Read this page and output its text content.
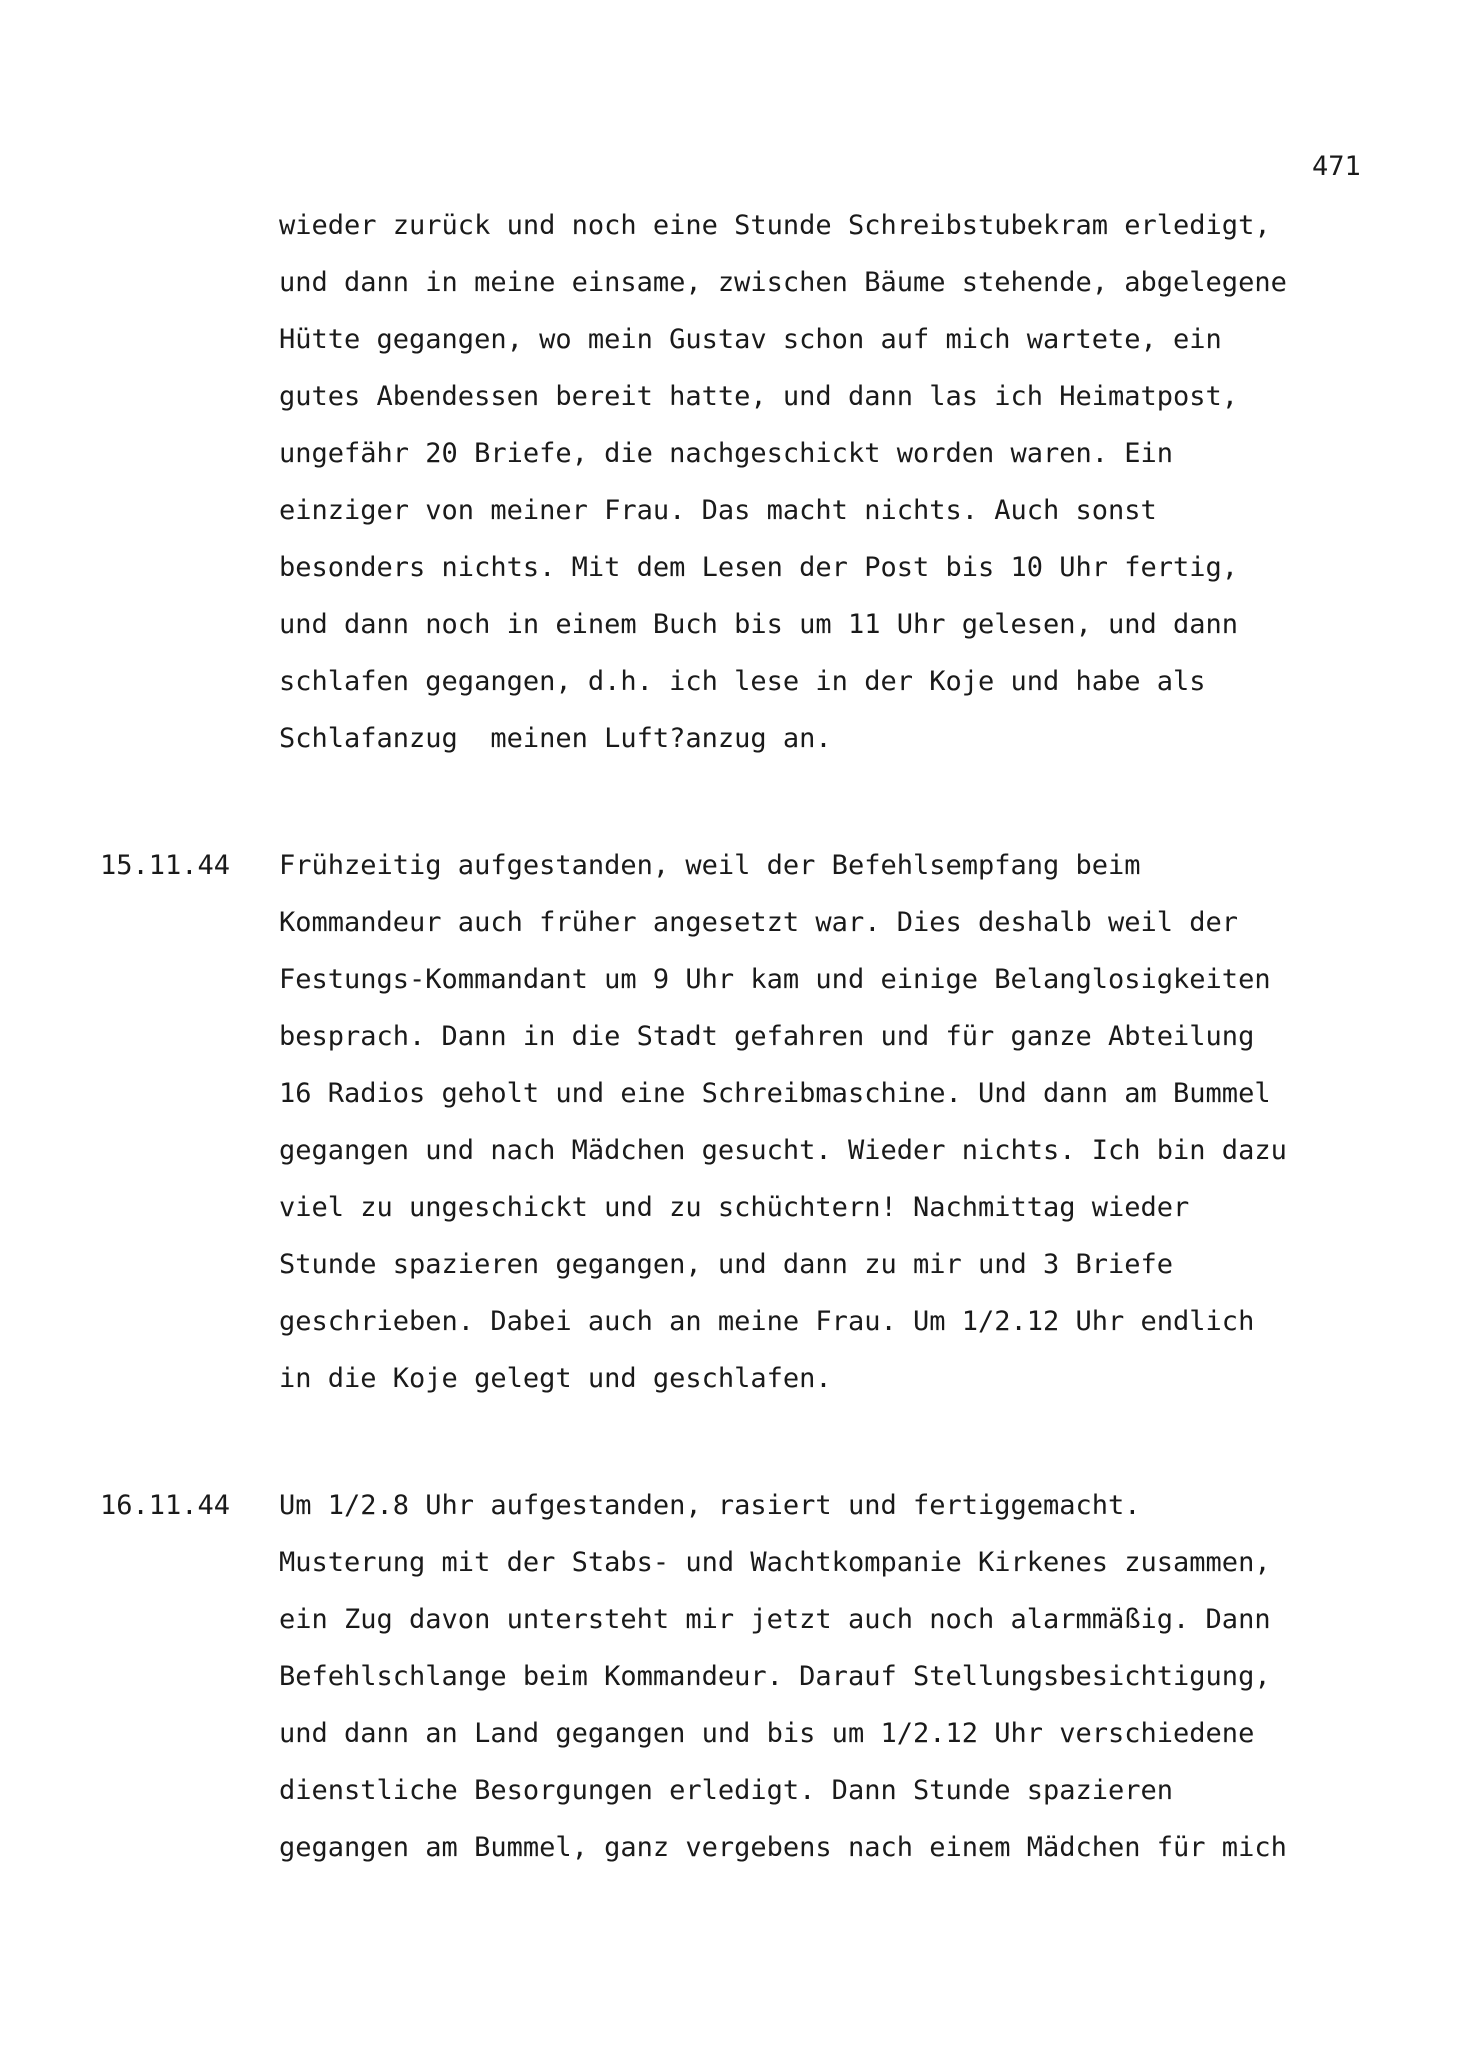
471
wieder zurück und noch eine Stunde Schreibstubekram erledigt,
und dann in meine einsame, zwischen Bäume stehende, abgelegene
Hütte gegangen, wo mein Gustav schon auf mich wartete, ein
gutes Abendessen bereit hatte, und dann las ich Heimatpost,
ungefähr 20 Briefe, die nachgeschickt worden waren. Ein
einziger von meiner Frau. Das macht nichts. Auch sonst
besonders nichts. Mit dem Lesen der Post bis 10 Uhr fertig,
und dann noch in einem Buch bis um 11 Uhr gelesen, und dann
schlafen gegangen, d.h. ich lese in der Koje und habe als
Schlafanzug  meinen Luft?anzug an.
15.11.44 Frühzeitig aufgestanden, weil der Befehlsempfang beim
Kommandeur auch früher angesetzt war. Dies deshalb weil der
Festungs-Kommandant um 9 Uhr kam und einige Belanglosigkeiten
besprach. Dann in die Stadt gefahren und für ganze Abteilung
16 Radios geholt und eine Schreibmaschine. Und dann am Bummel
gegangen und nach Mädchen gesucht. Wieder nichts. Ich bin dazu
viel zu ungeschickt und zu schüchtern! Nachmittag wieder
Stunde spazieren gegangen, und dann zu mir und 3 Briefe
geschrieben. Dabei auch an meine Frau. Um 1/2.12 Uhr endlich
in die Koje gelegt und geschlafen.
16.11.44 Um 1/2.8 Uhr aufgestanden, rasiert und fertiggemacht.
Musterung mit der Stabs- und Wachtkompanie Kirkenes zusammen,
ein Zug davon untersteht mir jetzt auch noch alarmmäßig. Dann
Befehlschlange beim Kommandeur. Darauf Stellungsbesichtigung,
und dann an Land gegangen und bis um 1/2.12 Uhr verschiedene
dienstliche Besorgungen erledigt. Dann Stunde spazieren
gegangen am Bummel, ganz vergebens nach einem Mädchen für mich
